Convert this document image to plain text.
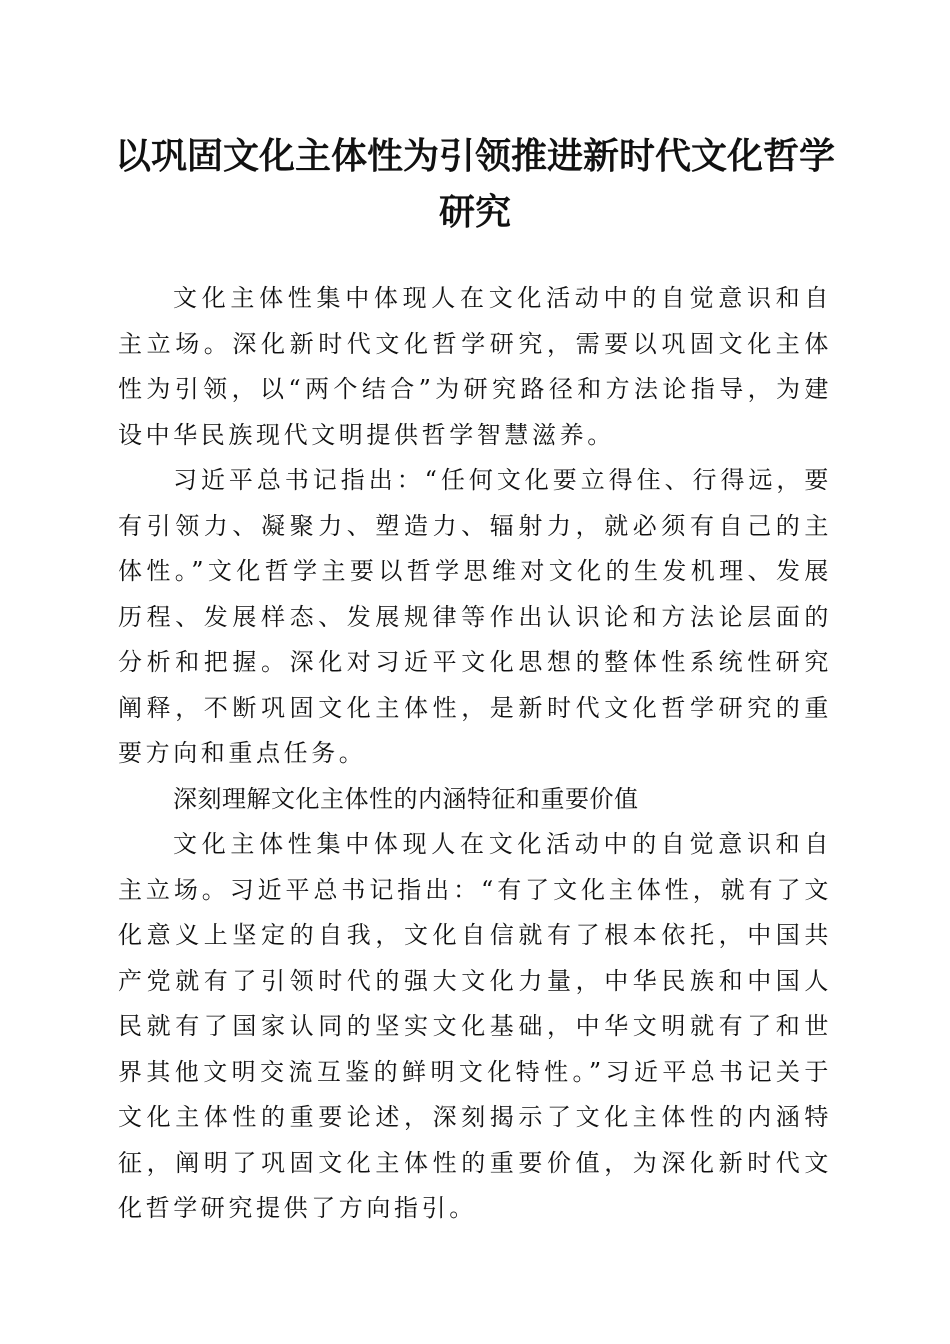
以巩固文化主体性为引领推进新时代文化哲学研究

文化主体性集中体现人在文化活动中的自觉意识和自主立场。深化新时代文化哲学研究，需要以巩固文化主体性为引领，以“两个结合”为研究路径和方法论指导，为建设中华民族现代文明提供哲学智慧滋养。

习近平总书记指出：“任何文化要立得住、行得远，要有引领力、凝聚力、塑造力、辐射力，就必须有自己的主体性。”文化哲学主要以哲学思维对文化的生发机理、发展历程、发展样态、发展规律等作出认识论和方法论层面的分析和把握。深化对习近平文化思想的整体性系统性研究阐释，不断巩固文化主体性，是新时代文化哲学研究的重要方向和重点任务。

深刻理解文化主体性的内涵特征和重要价值

文化主体性集中体现人在文化活动中的自觉意识和自主立场。习近平总书记指出：“有了文化主体性，就有了文化意义上坚定的自我，文化自信就有了根本依托，中国共产党就有了引领时代的强大文化力量，中华民族和中国人民就有了国家认同的坚实文化基础，中华文明就有了和世界其他文明交流互鉴的鲜明文化特性。”习近平总书记关于文化主体性的重要论述，深刻揭示了文化主体性的内涵特征，阐明了巩固文化主体性的重要价值，为深化新时代文化哲学研究提供了方向指引。
